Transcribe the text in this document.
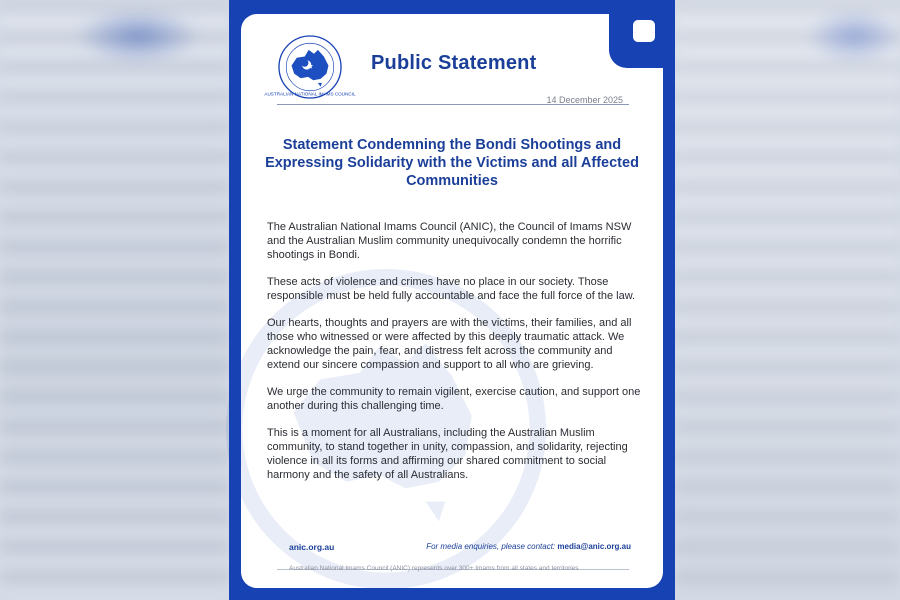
AUSTRALIAN NATIONAL IMAMS COUNCIL
Public Statement
14 December 2025
Statement Condemning the Bondi Shootings and Expressing Solidarity with the Victims and all Affected Communities

The Australian National Imams Council (ANIC), the Council of Imams NSW and the Australian Muslim community unequivocally condemn the horrific shootings in Bondi.

These acts of violence and crimes have no place in our society. Those responsible must be held fully accountable and face the full force of the law.

Our hearts, thoughts and prayers are with the victims, their families, and all those who witnessed or were affected by this deeply traumatic attack. We acknowledge the pain, fear, and distress felt across the community and extend our sincere compassion and support to all who are grieving.

We urge the community to remain vigilent, exercise caution, and support one another during this challenging time.

This is a moment for all Australians, including the Australian Muslim community, to stand together in unity, compassion, and solidarity, rejecting violence in all its forms and affirming our shared commitment to social harmony and the safety of all Australians.

anic.org.au	For media enquiries, please contact: media@anic.org.au
Australian National Imams Council (ANIC) represents over 300+ Imams from all states and territories
